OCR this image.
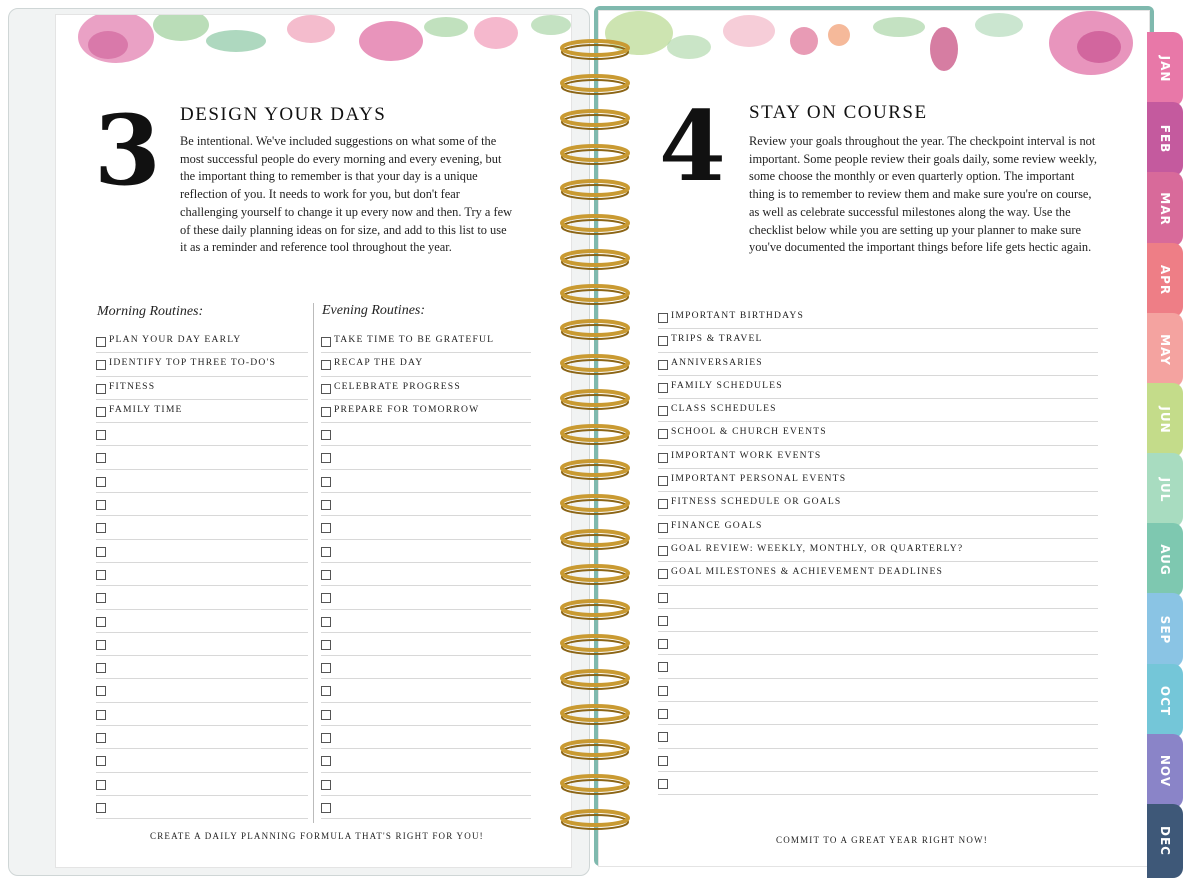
3 DESIGN YOUR DAYS
Be intentional. We've included suggestions on what some of the
most successful people do every morning and every evening, but
the important thing to remember is that your day is a unique
reflection of you. It needs to work for you, but don't fear
challenging yourself to change it up every now and then. Try a few
of these daily planning ideas on for size, and add to this list to use
it as a reminder and reference tool throughout the year.
Morning Routines:	Evening Routines:
PLAN YOUR DAY EARLY
IDENTIFY TOP THREE TO-DO'S
FITNESS
FAMILY TIME
TAKE TIME TO BE GRATEFUL
RECAP THE DAY
CELEBRATE PROGRESS
PREPARE FOR TOMORROW
CREATE A DAILY PLANNING FORMULA THAT'S RIGHT FOR YOU!
4 STAY ON COURSE
Review your goals throughout the year. The checkpoint interval is not
important. Some people review their goals daily, some review weekly,
some choose the monthly or even quarterly option. The important
thing is to remember to review them and make sure you're on course,
as well as celebrate successful milestones along the way. Use the
checklist below while you are setting up your planner to make sure
you've documented the important things before life gets hectic again.
IMPORTANT BIRTHDAYS
TRIPS & TRAVEL
ANNIVERSARIES
FAMILY SCHEDULES
CLASS SCHEDULES
SCHOOL & CHURCH EVENTS
IMPORTANT WORK EVENTS
IMPORTANT PERSONAL EVENTS
FITNESS SCHEDULE OR GOALS
FINANCE GOALS
GOAL REVIEW: WEEKLY, MONTHLY, OR QUARTERLY?
GOAL MILESTONES & ACHIEVEMENT DEADLINES
COMMIT TO A GREAT YEAR RIGHT NOW!
JAN
FEB
MAR
APR
MAY
JUN
JUL
AUG
SEP
OCT
NOV
DEC
